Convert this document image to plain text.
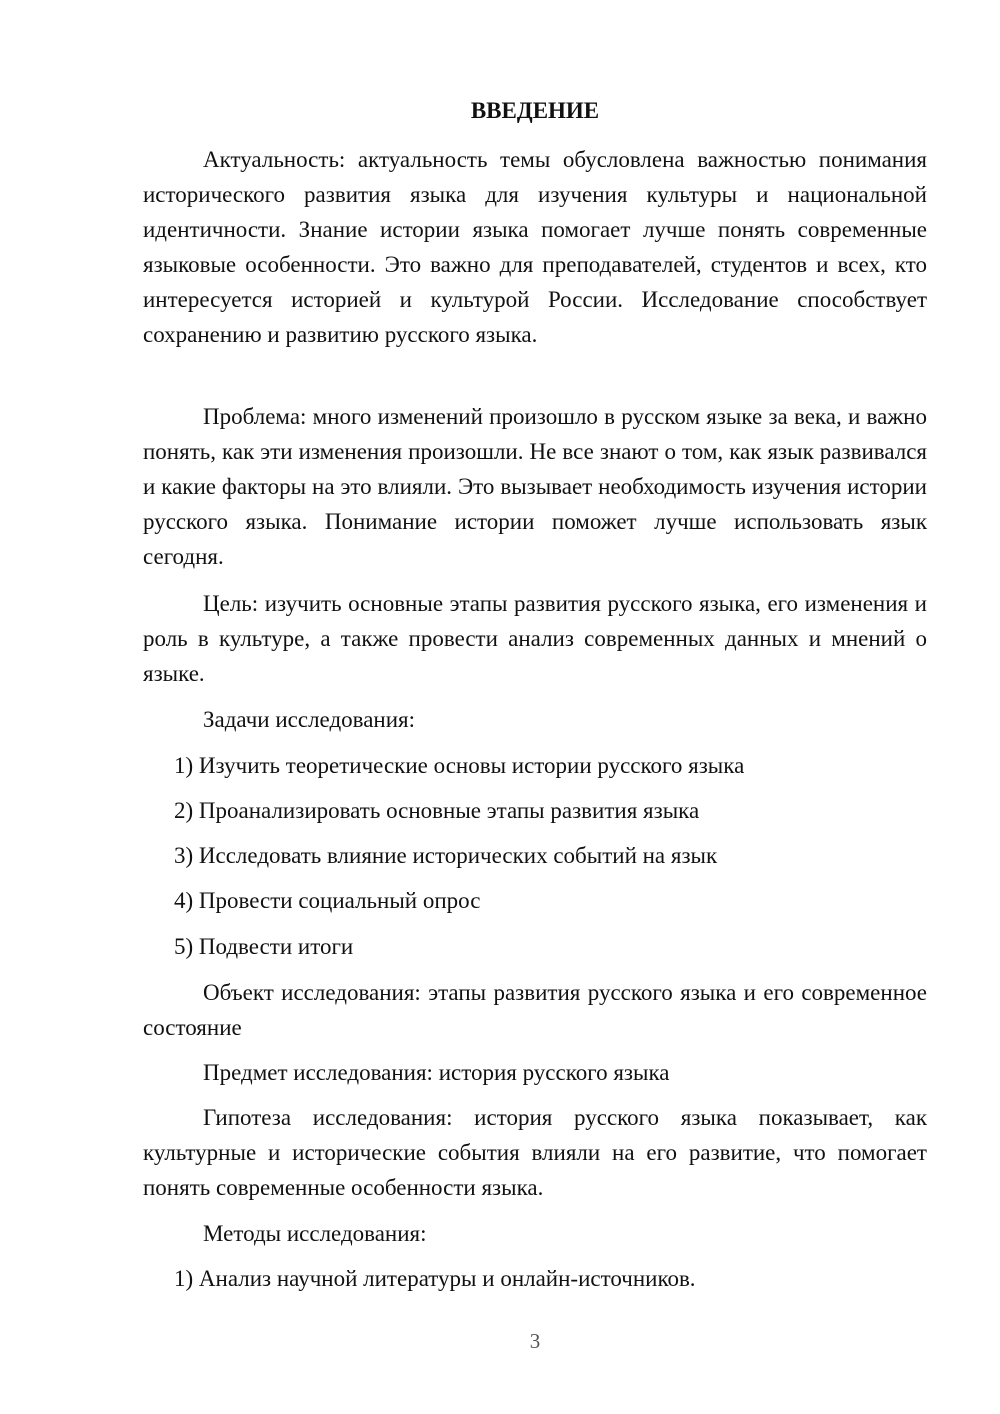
ВВЕДЕНИЕ

Актуальность: актуальность темы обусловлена важностью понимания исторического развития языка для изучения культуры и национальной идентичности. Знание истории языка помогает лучше понять современные языковые особенности. Это важно для преподавателей, студентов и всех, кто интересуется историей и культурой России. Исследование способствует сохранению и развитию русского языка.

Проблема: много изменений произошло в русском языке за века, и важно понять, как эти изменения произошли. Не все знают о том, как язык развивался и какие факторы на это влияли. Это вызывает необходимость изучения истории русского языка. Понимание истории поможет лучше использовать язык сегодня.

Цель: изучить основные этапы развития русского языка, его изменения и роль в культуре, а также провести анализ современных данных и мнений о языке.

Задачи исследования:

1) Изучить теоретические основы истории русского языка

2) Проанализировать основные этапы развития языка

3) Исследовать влияние исторических событий на язык

4) Провести социальный опрос

5) Подвести итоги

Объект исследования: этапы развития русского языка и его современное состояние

Предмет исследования: история русского языка

Гипотеза исследования: история русского языка показывает, как культурные и исторические события влияли на его развитие, что помогает понять современные особенности языка.

Методы исследования:

1) Анализ научной литературы и онлайн-источников.

3
